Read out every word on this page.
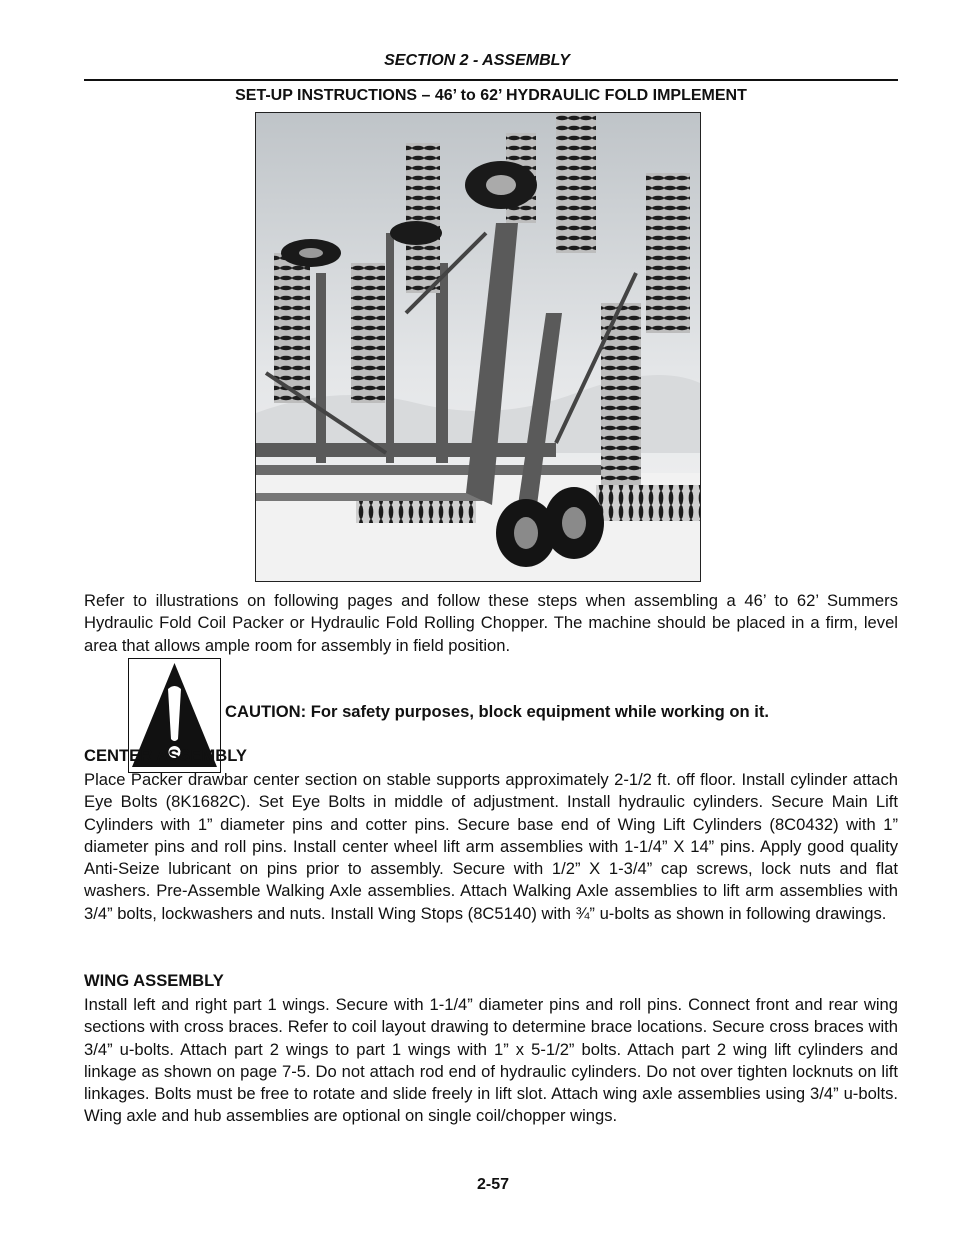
SECTION 2 - ASSEMBLY
SET-UP INSTRUCTIONS – 46’ to 62’ HYDRAULIC FOLD IMPLEMENT

Refer to illustrations on following pages and follow these steps when assembling a 46’ to 62’ Summers Hydraulic Fold Coil Packer or Hydraulic Fold Rolling Chopper. The machine should be placed in a firm, level area that allows ample room for assembly in field position.

CAUTION: For safety purposes, block equipment while working on it.
CENTER ASSEMBLY

Place Packer drawbar center section on stable supports approximately 2-1/2 ft. off floor. Install cylinder attach Eye Bolts (8K1682C). Set Eye Bolts in middle of adjustment. Install hydraulic cylinders. Secure Main Lift Cylinders with 1” diameter pins and cotter pins. Secure base end of Wing Lift Cylinders (8C0432) with 1” diameter pins and roll pins. Install center wheel lift arm assemblies with 1-1/4” X 14” pins. Apply good quality Anti-Seize lubricant on pins prior to assembly. Secure with 1/2” X 1-3/4” cap screws, lock nuts and flat washers. Pre-Assemble Walking Axle assemblies. Attach Walking Axle assemblies to lift arm assemblies with 3/4” bolts, lockwashers and nuts. Install Wing Stops (8C5140) with ¾” u-bolts as shown in following drawings.

WING ASSEMBLY

Install left and right part 1 wings. Secure with 1-1/4” diameter pins and roll pins. Connect front and rear wing sections with cross braces. Refer to coil layout drawing to determine brace locations. Secure cross braces with 3/4” u-bolts. Attach part 2 wings to part 1 wings with 1” x 5-1/2” bolts. Attach part 2 wing lift cylinders and linkage as shown on page 7-5. Do not attach rod end of hydraulic cylinders. Do not over tighten locknuts on lift linkages. Bolts must be free to rotate and slide freely in lift slot. Attach wing axle assemblies using 3/4” u-bolts. Wing axle and hub assemblies are optional on single coil/chopper wings.

2-57
